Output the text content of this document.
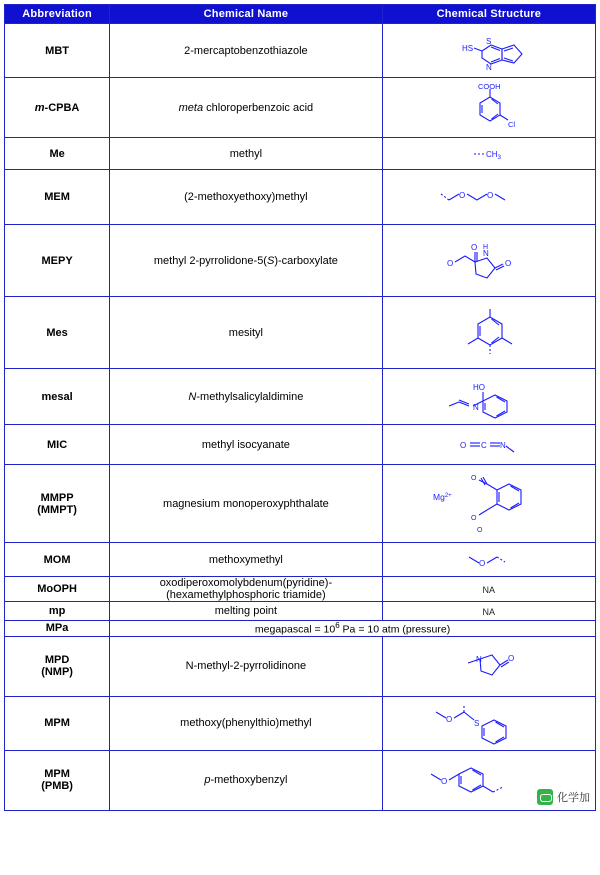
Abbreviation	Chemical Name	Chemical Structure
MBT	2-mercaptobenzothiazole	HS
S
N

m-CPBA	meta chloroperbenzoic acid	COOH
Cl

Me	methyl	$CH_3$

MEM	(2-methoxyethoxy)methyl	O O

MEPY	methyl 2-pyrrolidone-5(S)-carboxylate	O
N
H
O
O

Mes	mesityl	

mesal	N-methylsalicylaldimine	N
HO

MIC	methyl isocyanate	O C N

MMPP
(MMPT)	magnesium monoperoxyphthalate	
O
O
O
$Mg^{2+}$

MOM	methoxymethyl	O

MoOPH	oxodiperoxomolybdenum(pyridine)-
(hexamethylphosphoric triamide)	NA
mp	melting point	NA
MPa	megapascal = $10^6$ Pa = 10 atm (pressure)	

MPD
(NMP)	N-methyl-2-pyrrolidinone	
N	O

MPM	methoxy(phenylthio)methyl	O S

MPM
(PMB)	p-methoxybenzyl	O
化学加
